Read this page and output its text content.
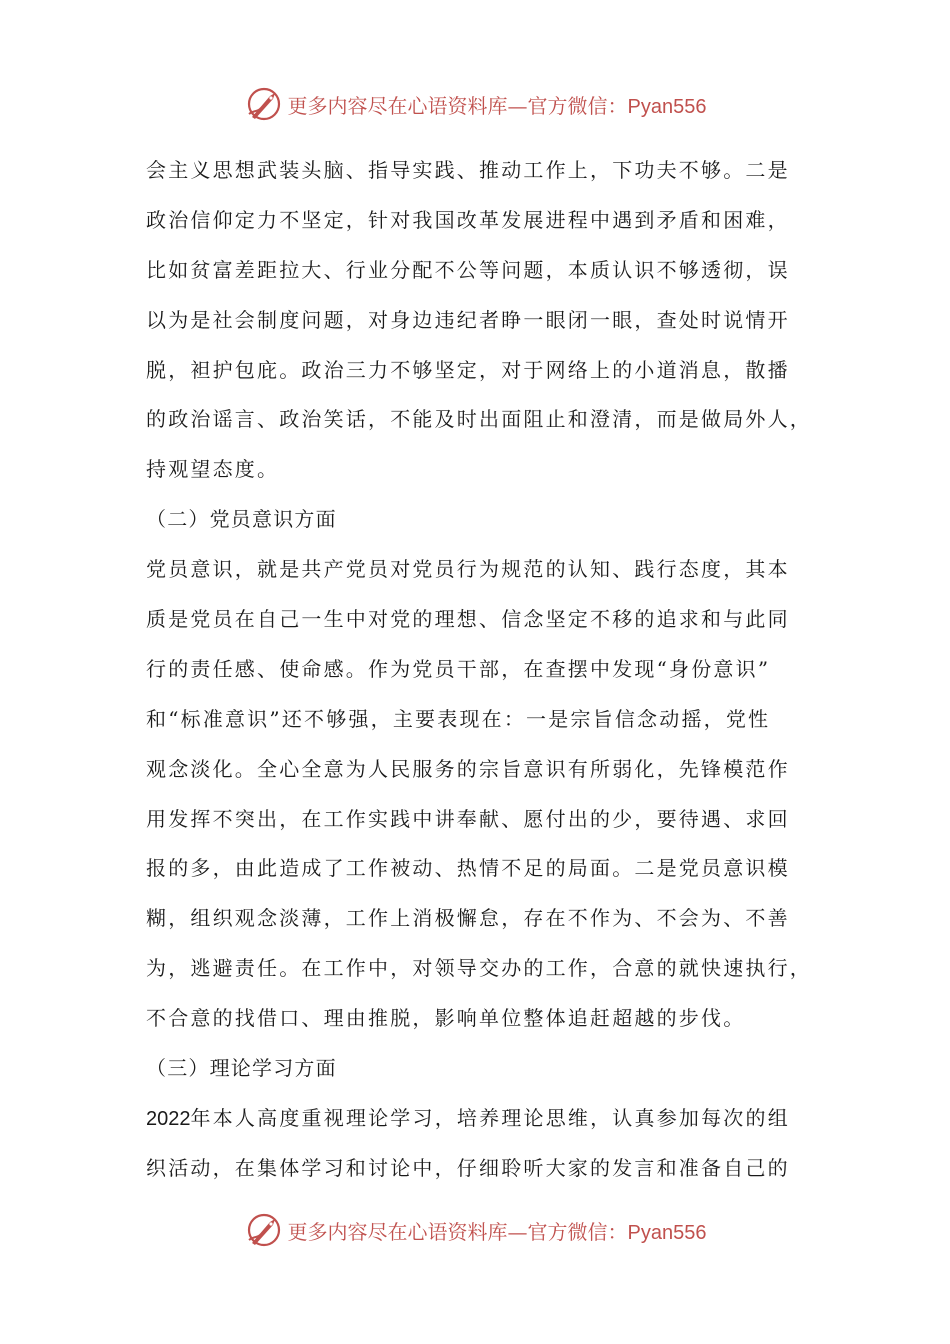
更多内容尽在心语资料库—官方微信：Pyan556
会主义思想武装头脑、指导实践、推动工作上，下功夫不够。二是
政治信仰定力不坚定，针对我国改革发展进程中遇到矛盾和困难，
比如贫富差距拉大、行业分配不公等问题，本质认识不够透彻，误
以为是社会制度问题，对身边违纪者睁一眼闭一眼，查处时说情开
脱，袒护包庇。政治三力不够坚定，对于网络上的小道消息，散播
的政治谣言、政治笑话，不能及时出面阻止和澄清，而是做局外人，
持观望态度。
（二）党员意识方面
党员意识，就是共产党员对党员行为规范的认知、践行态度，其本
质是党员在自己一生中对党的理想、信念坚定不移的追求和与此同
行的责任感、使命感。作为党员干部，在查摆中发现“身份意识”
和“标准意识”还不够强，主要表现在：一是宗旨信念动摇，党性
观念淡化。全心全意为人民服务的宗旨意识有所弱化，先锋模范作
用发挥不突出，在工作实践中讲奉献、愿付出的少，要待遇、求回
报的多，由此造成了工作被动、热情不足的局面。二是党员意识模
糊，组织观念淡薄，工作上消极懈怠，存在不作为、不会为、不善
为，逃避责任。在工作中，对领导交办的工作，合意的就快速执行，
不合意的找借口、理由推脱，影响单位整体追赶超越的步伐。
（三）理论学习方面
2022年本人高度重视理论学习，培养理论思维，认真参加每次的组
织活动，在集体学习和讨论中，仔细聆听大家的发言和准备自己的
更多内容尽在心语资料库—官方微信：Pyan556
